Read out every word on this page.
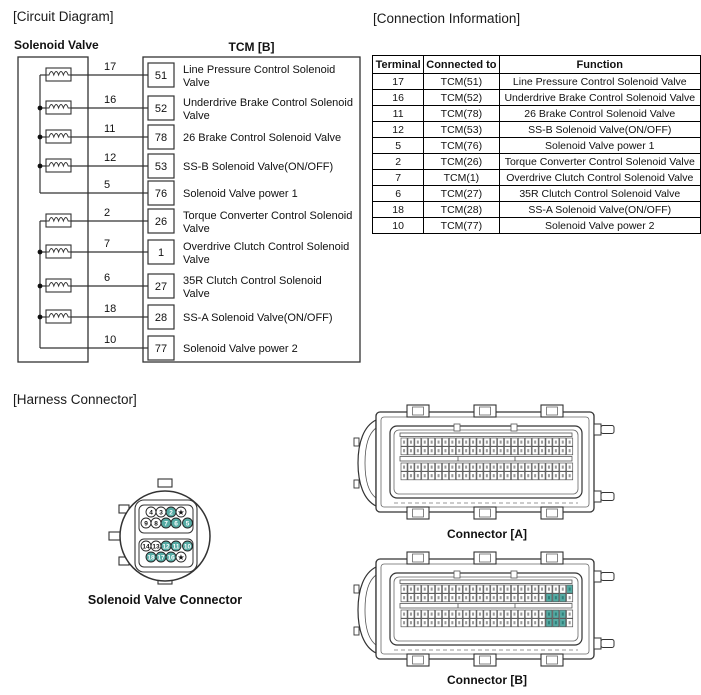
[Circuit Diagram]	[Connection Information]
[Harness Connector]
Solenoid Valve	TCM [B]
17
51 Line Pressure Control Solenoid
Valve
16
52 Underdrive Brake Control Solenoid
Valve
11
78 26 Brake Control Solenoid Valve
12
53 SS-B Solenoid Valve(ON/OFF)
5
76 Solenoid Valve power 1
2
26 Torque Converter Control Solenoid
Valve
7
1 Overdrive Clutch Control Solenoid
Valve
6
27 35R Clutch Control Solenoid
Valve
18
28 SS-A Solenoid Valve(ON/OFF)
10
77 Solenoid Valve power 2
Terminal	Connected to	Function
17	TCM(51)	Line Pressure Control Solenoid Valve
16	TCM(52)	Underdrive Brake Control Solenoid Valve
11	TCM(78)	26 Brake Control Solenoid Valve
12	TCM(53)	SS-B Solenoid Valve(ON/OFF)
5	TCM(76)	Solenoid Valve power 1
2	TCM(26)	Torque Converter Control Solenoid Valve
7	TCM(1)	Overdrive Clutch Control Solenoid Valve
6	TCM(27)	35R Clutch Control Solenoid Valve
18	TCM(28)	SS-A Solenoid Valve(ON/OFF)
10	TCM(77)	Solenoid Valve power 2
4 3 2 ★
9 8 7 6 5
14 13 12 11 10
18 17 16 ★
Solenoid Valve Connector
Connector [A]
Connector [B]
